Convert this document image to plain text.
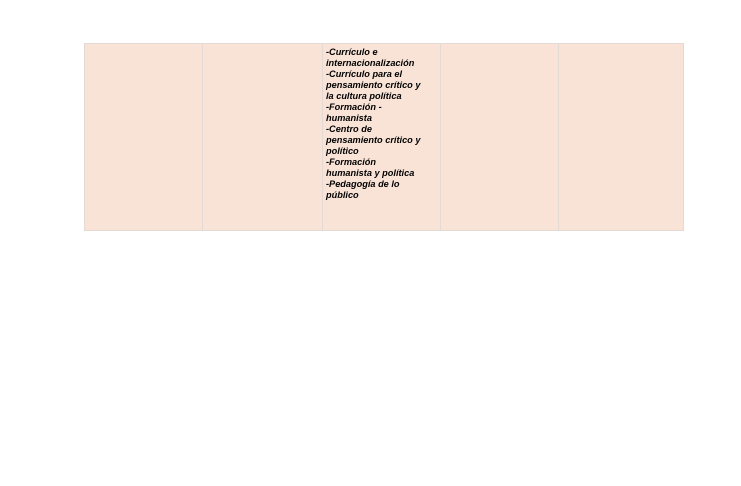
-Currículo e
internacionalización
-Currículo para el
pensamiento crítico y
la cultura política
-Formación -
humanista
-Centro de
pensamiento crítico y
político
-Formación
humanista y política
-Pedagogía de lo
público
